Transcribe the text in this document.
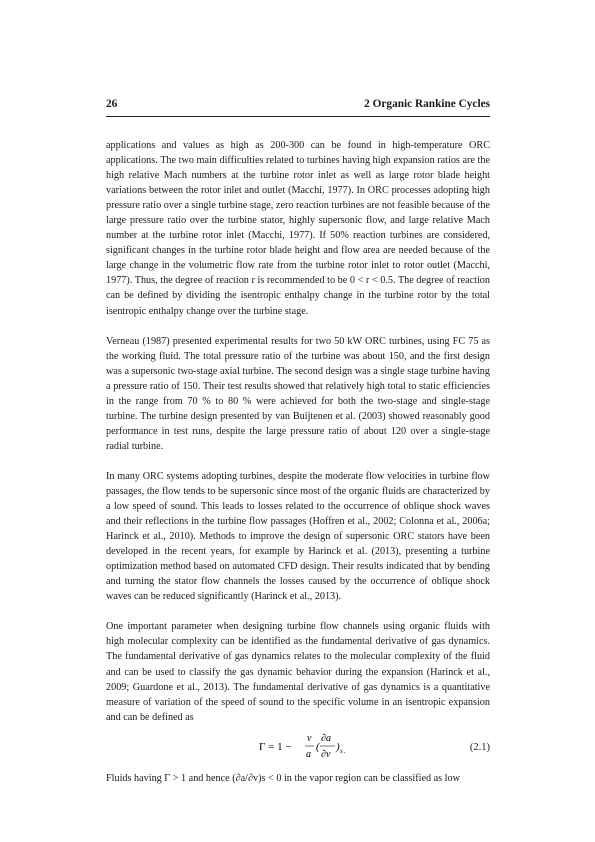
26	2 Organic Rankine Cycles

applications and values as high as 200-300 can be found in high-temperature ORC applications. The two main difficulties related to turbines having high expansion ratios are the high relative Mach numbers at the turbine rotor inlet as well as large rotor blade height variations between the rotor inlet and outlet (Macchi, 1977). In ORC processes adopting high pressure ratio over a single turbine stage, zero reaction turbines are not feasible because of the large pressure ratio over the turbine stator, highly supersonic flow, and large relative Mach number at the turbine rotor inlet (Macchi, 1977). If 50% reaction turbines are considered, significant changes in the turbine rotor blade height and flow area are needed because of the large change in the volumetric flow rate from the turbine rotor inlet to rotor outlet (Macchi, 1977). Thus, the degree of reaction r is recommended to be 0 < r < 0.5. The degree of reaction can be defined by dividing the isentropic enthalpy change in the turbine rotor by the total isentropic enthalpy change over the turbine stage.

Verneau (1987) presented experimental results for two 50 kW ORC turbines, using FC 75 as the working fluid. The total pressure ratio of the turbine was about 150, and the first design was a supersonic two-stage axial turbine. The second design was a single stage turbine having a pressure ratio of 150. Their test results showed that relatively high total to static efficiencies in the range from 70 % to 80 % were achieved for both the two-stage and single-stage turbine. The turbine design presented by van Buijtenen et al. (2003) showed reasonably good performance in test runs, despite the large pressure ratio of about 120 over a single-stage radial turbine.

In many ORC systems adopting turbines, despite the moderate flow velocities in turbine flow passages, the flow tends to be supersonic since most of the organic fluids are characterized by a low speed of sound. This leads to losses related to the occurrence of oblique shock waves and their reflections in the turbine flow passages (Hoffren et al., 2002; Colonna et al., 2006a; Harinck et al., 2010). Methods to improve the design of supersonic ORC stators have been developed in the recent years, for example by Harinck et al. (2013), presenting a turbine optimization method based on automated CFD design. Their results indicated that by bending and turning the stator flow channels the losses caused by the occurrence of oblique shock waves can be reduced significantly (Harinck et al., 2013).

One important parameter when designing turbine flow channels using organic fluids with high molecular complexity can be identified as the fundamental derivative of gas dynamics. The fundamental derivative of gas dynamics relates to the molecular complexity of the fluid and can be used to classify the gas dynamic behavior during the expansion (Harinck et al., 2009; Guardone et al., 2013). The fundamental derivative of gas dynamics is a quantitative measure of variation of the speed of sound to the specific volume in an isentropic expansion and can be defined as

Γ = 1 −
v
a
(
∂a
∂v
) s .	(2.1)

Fluids having Γ > 1 and hence (∂a/∂v)s < 0 in the vapor region can be classified as low
